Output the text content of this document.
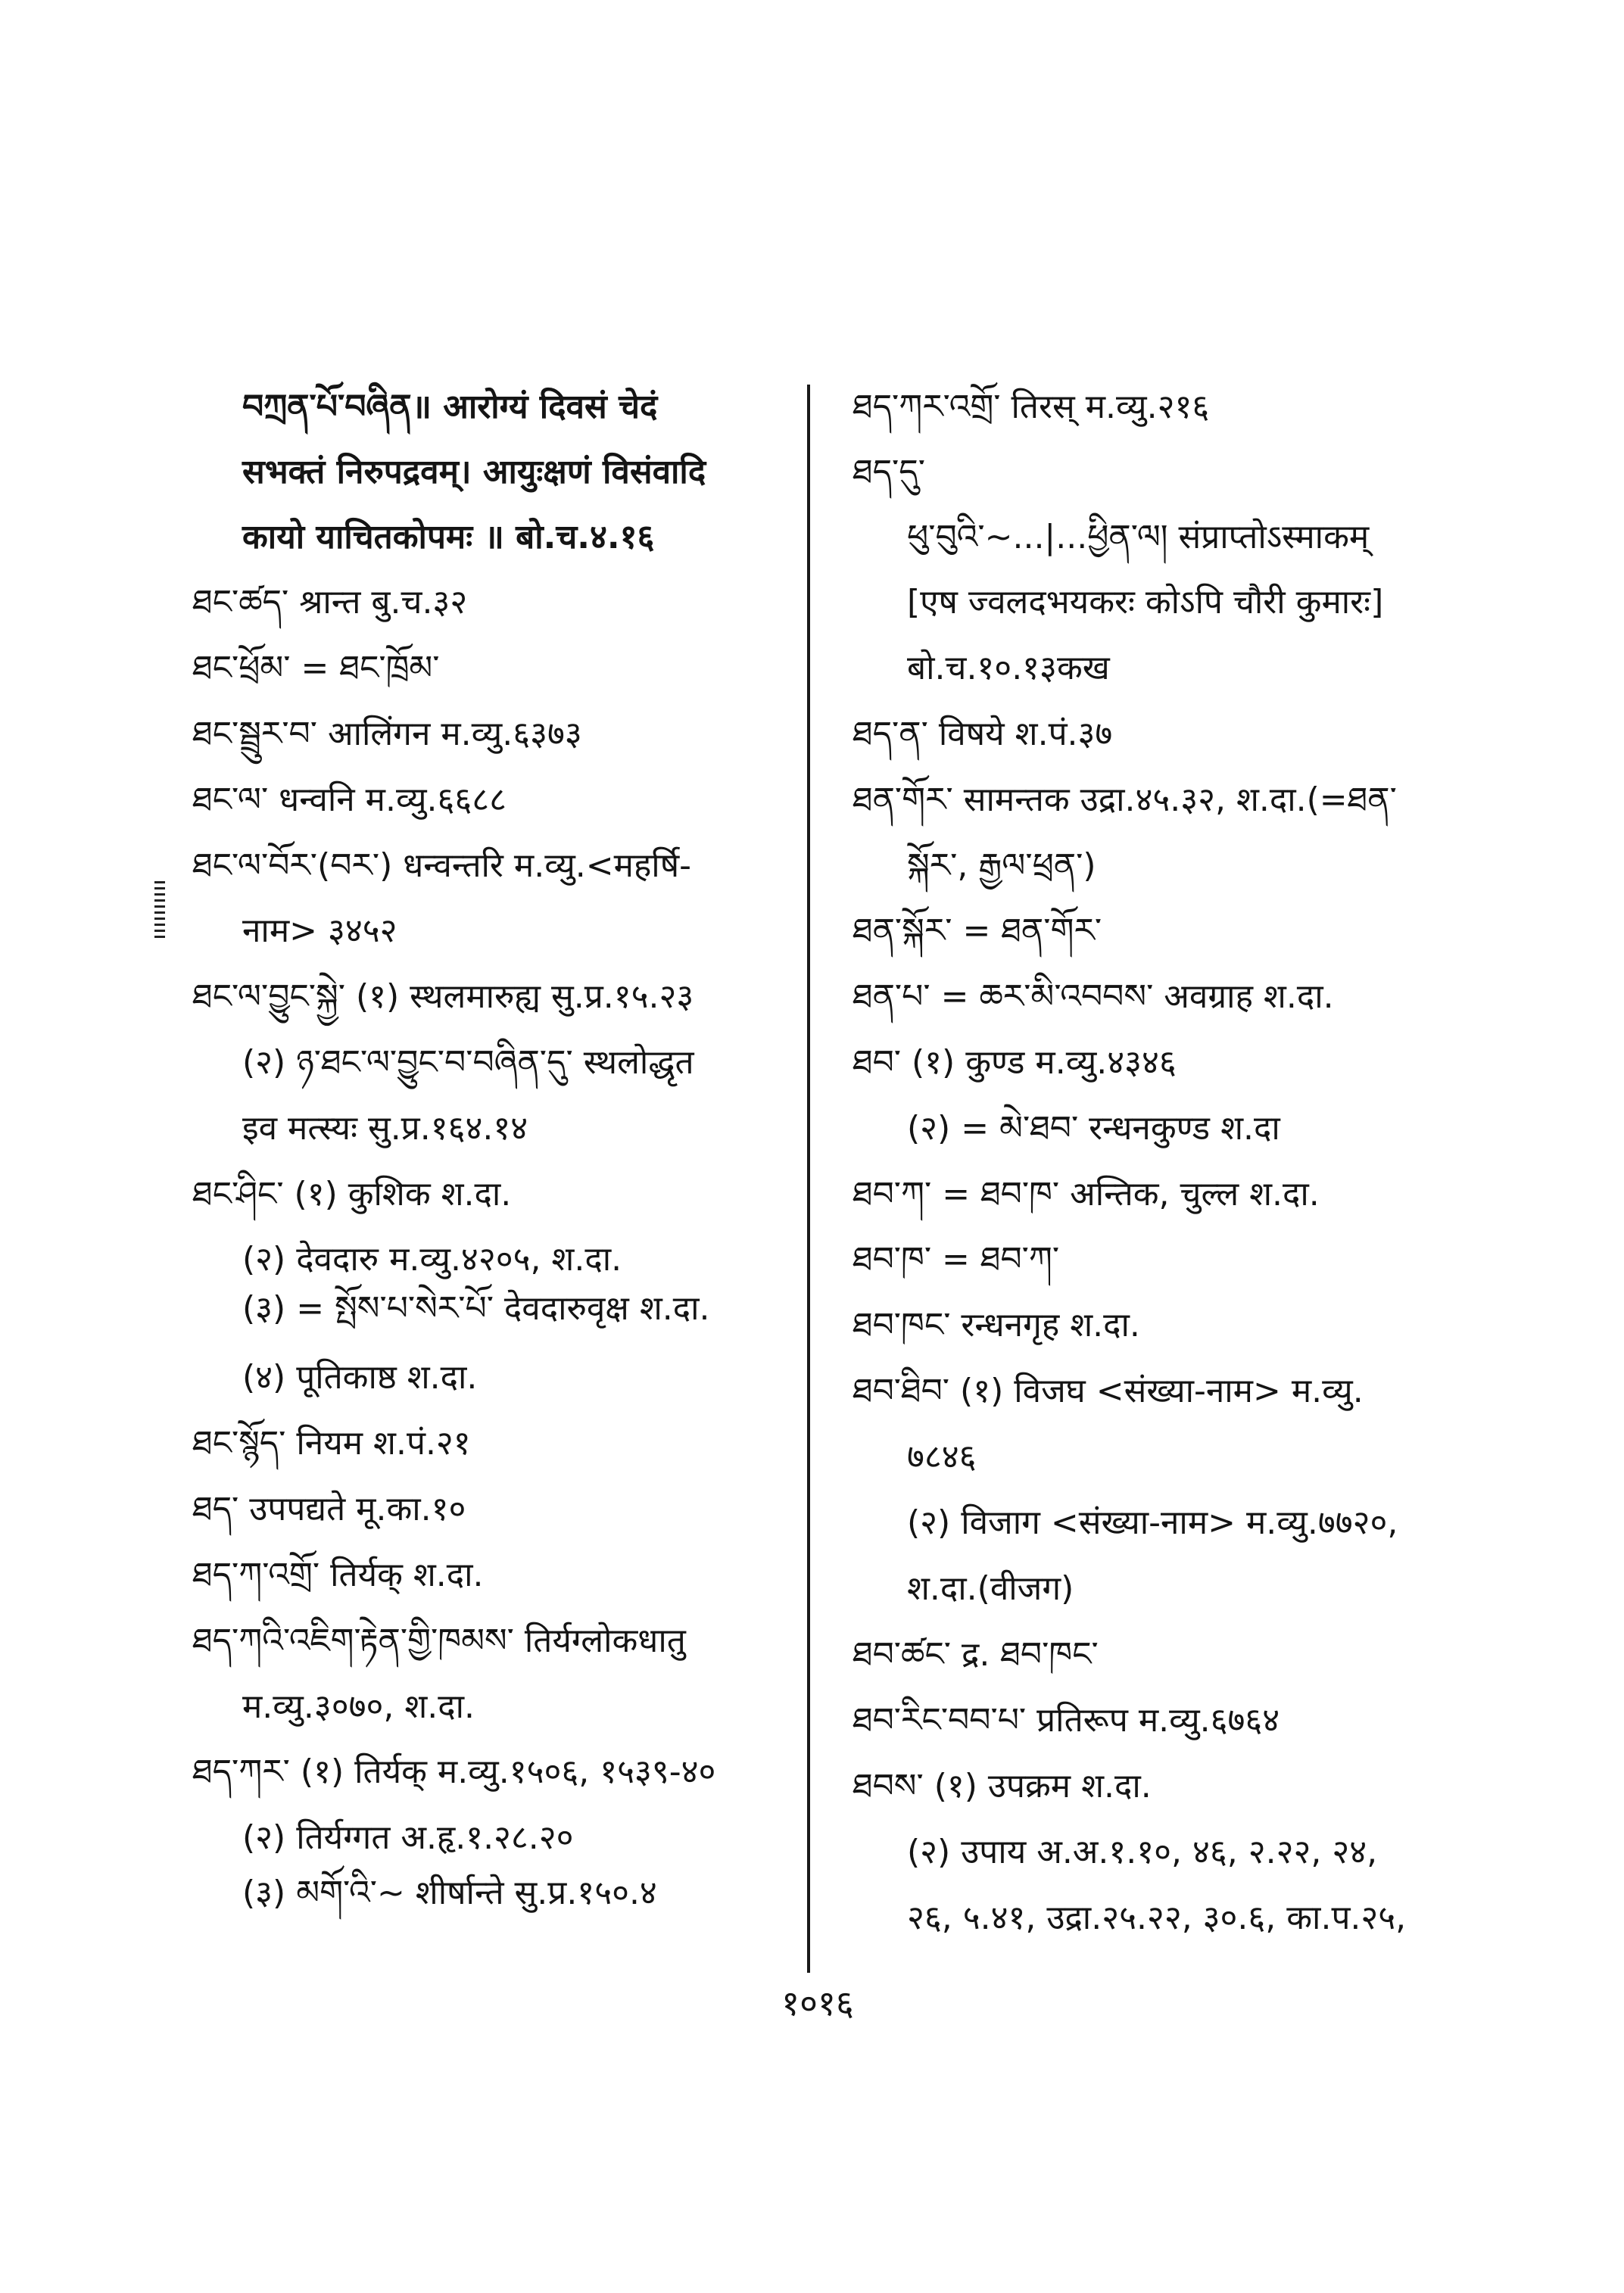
བཀྲན་པོ་བཞིན॥ आरोग्यं दिवसं चेदं
सभक्तं निरुपद्रवम्। आयुःक्षणं विसंवादि
कायो याचितकोपमः ॥ बो.च.४.१६
ཐང་ཚད་ श्रान्त बु.च.३२
ཐང་ཕྲོམ་ = ཐང་ཁྲོམ་
ཐང་སྦྲུར་བ་ आलिंगन म.व्यु.६३७३
ཐང་ལ་ धन्वनि म.व्यु.६६८८
ཐང་ལ་བོར་(བར་) धन्वन्तरि म.व्यु.<महर्षि-
नाम> ३४५२
ཐང་ལ་བྱུང་སྐྱེ་ (१) स्थलमारुह्य सु.प्र.१५.२३
(२) ཉ་ཐང་ལ་བྱུང་བ་བཞིན་དུ་ स्थलोद्धृत
इव मत्स्यः सु.प्र.१६४.१४
ཐང་ཤིང་ (१) कुशिक श.दा.
(२) देवदारु म.व्यु.४२०५, श.दा.
(३) = སྤོས་པ་སེར་པོ་ देवदारुवृक्ष श.दा.
(४) पूतिकाष्ठ श.दा.
ཐང་སྙོད་ नियम श.पं.२१
ཐད་ उपपद्यते मू.का.१०
ཐད་ཀ་འགྲོ་ तिर्यक् श.दा.
ཐད་ཀའི་འཇིག་རྟེན་གྱི་ཁམས་ तिर्यग्लोकधातु
म.व्यु.३०७०, श.दा.
ཐད་ཀར་ (१) तिर्यक् म.व्यु.१५०६, १५३९-४०
(२) तिर्यग्गत अ.हृ.१.२८.२०
(३) མགོ་འི་~ शीर्षान्ते सु.प्र.१५०.४
ཐད་ཀར་འགྲོ་ तिरस् म.व्यु.२१६
ཐད་དུ་
ཕུ་བུའི་~...|...ཕྱིན་ལ། संप्राप्तोऽस्माकम्
[एष ज्वलदभयकरः कोऽपि चौरी कुमारः]
बो.च.१०.१३कख
ཐད་ན་ विषये श.पं.३७
ཐན་གོར་ सामन्तक उद्रा.४५.३२, श.दा.(=ཐན་
སྐོར་, རྒྱལ་ཕྲན་)
ཐན་སྐོར་ = ཐན་གོར་
ཐན་པ་ = ཆར་མི་འབབས་ अवग्राह श.दा.
ཐབ་ (१) कुण्ड म.व्यु.४३४६
(२) = མེ་ཐབ་ रन्धनकुण्ड श.दा
ཐབ་ཀ་ = ཐབ་ཁ་ अन्तिक, चुल्ल श.दा.
ཐབ་ཁ་ = ཐབ་ཀ་
ཐབ་ཁང་ रन्धनगृह श.दा.
ཐབ་ཐིབ་ (१) विजघ <संख्या-नाम> म.व्यु.
७८४६
(२) विजाग <संख्या-नाम> म.व्यु.७७२०,
श.दा.(वीजग)
ཐབ་ཚང་ द्र. ཐབ་ཁང་
ཐབ་རིང་བབ་པ་ प्रतिरूप म.व्यु.६७६४
ཐབས་ (१) उपक्रम श.दा.
(२) उपाय अ.अ.१.१०, ४६, २.२२, २४,
२६, ५.४१, उद्रा.२५.२२, ३०.६, का.प.२५,
१०१६
